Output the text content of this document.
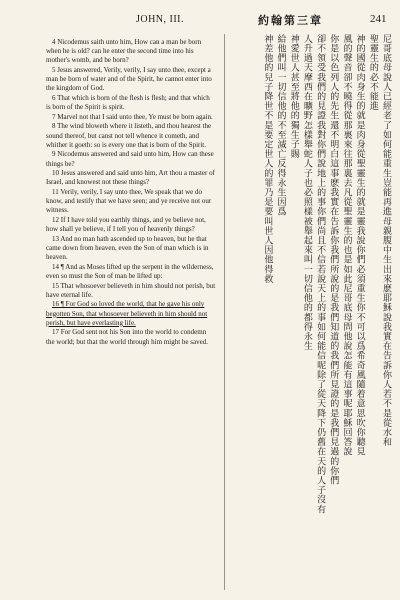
JOHN, III.	約翰第三章	241

4 Nicodemus saith unto him, How can a man be born when he is old? can he enter the second time into his mother's womb, and be born?

5 Jesus answered, Verily, verily, I say unto thee, except a man be born of water and of the Spirit, he cannot enter into the kingdom of God.

6 That which is born of the flesh is flesh; and that which is born of the Spirit is spirit.

7 Marvel not that I said unto thee, Ye must be born again.

8 The wind bloweth where it listeth, and thou hearest the sound thereof, but canst not tell whence it cometh, and whither it goeth: so is every one that is born of the Spirit.

9 Nicodemus answered and said unto him, How can these things be?

10 Jesus answered and said unto him, Art thou a master of Israel, and knowest not these things?

11 Verily, verily, I say unto thee, We speak that we do know, and testify that we have seen; and ye receive not our witness.

12 If I have told you earthly things, and ye believe not, how shall ye believe, if I tell you of heavenly things?

13 And no man hath ascended up to heaven, but he that came down from heaven, even the Son of man which is in heaven.

14 ¶ And as Moses lifted up the serpent in the wilderness, even so must the Son of man be lifted up:

15 That whosoever believeth in him should not perish, but have eternal life.

16 ¶ For God so loved the world, that he gave his only begotten Son, that whosoever believeth in him should not perish, but have everlasting life.

17 For God sent not his Son into the world to condemn the world; but that the world through him might be saved.	尼哥底母說人已經老了如何能重生豈能再進母親腹中生出來麽耶穌說我實在告訴你人若不是從水和
聖靈生的必不能進
神的國從肉身生的就是肉身從聖靈生的就是靈我說你們必須重生你不可以爲希奇風隨着意思吹你聽見
風的聲音卻不曉得從那裏來往那裏去凡從聖靈生的也是如此尼哥底母問他說怎能有這事呢耶穌回答說
你是以色列人的先生還不明白這事麽我實在告訴你我們所說的是我們知道的我們所見證的是我們見過的你們
卻不領受我們的見證我對你們說地上的事你們尚且不信若說天上的事如何能信呢除了從天降下仍舊在天的人子沒有
人升過天摩西在曠野怎樣舉蛇人子也必照樣被舉起來叫一切信他的都得永生
神愛世人甚至將他的獨生子賜
給他們叫一切信他的不至滅亡反得永生因爲
神差他的兒子降世不是要定世人的罪乃是要叫世人因他得救
